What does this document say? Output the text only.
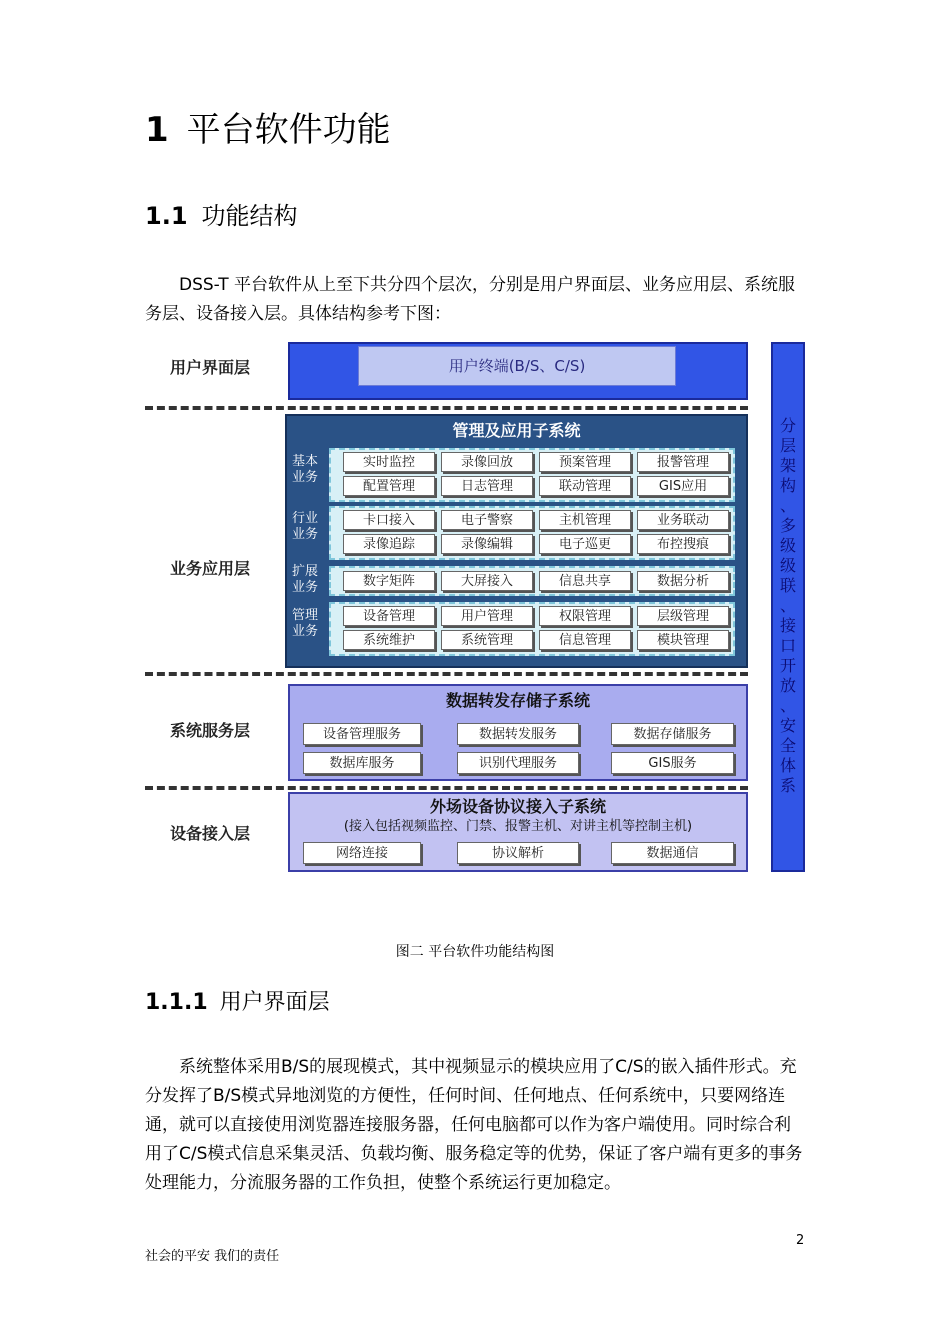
1 平台软件功能
1.1 功能结构

DSS-T 平台软件从上至下共分四个层次，分别是用户界面层、业务应用层、系统服务层、设备接入层。具体结构参考下图：

用户界面层
业务应用层
系统服务层
设备接入层
用户终端(B/S、C/S)
管理及应用子系统
基本业务
实时监控	录像回放	预案管理	报警管理
配置管理	日志管理	联动管理	GIS应用
行业业务
卡口接入	电子警察	主机管理	业务联动
录像追踪	录像编辑	电子巡更	布控搜痕
扩展业务	数字矩阵	大屏接入	信息共享	数据分析
管理业务
设备管理	用户管理	权限管理	层级管理
系统维护	系统管理	信息管理	模块管理
数据转发存储子系统
设备管理服务	数据转发服务	数据存储服务
数据库服务	识别代理服务	GIS服务
外场设备协议接入子系统
(接入包括视频监控、门禁、报警主机、对讲主机等控制主机)
网络连接	协议解析	数据通信
分
层
架
构
、
多
级
级
联
、
接
口
开
放
、
安
全
体
系
图二 平台软件功能结构图
1.1.1 用户界面层

系统整体采用B/S的展现模式，其中视频显示的模块应用了C/S的嵌入插件形式。充分发挥了B/S模式异地浏览的方便性，任何时间、任何地点、任何系统中，只要网络连通，就可以直接使用浏览器连接服务器，任何电脑都可以作为客户端使用。同时综合利用了C/S模式信息采集灵活、负载均衡、服务稳定等的优势，保证了客户端有更多的事务处理能力，分流服务器的工作负担，使整个系统运行更加稳定。

2
社会的平安 我们的责任
